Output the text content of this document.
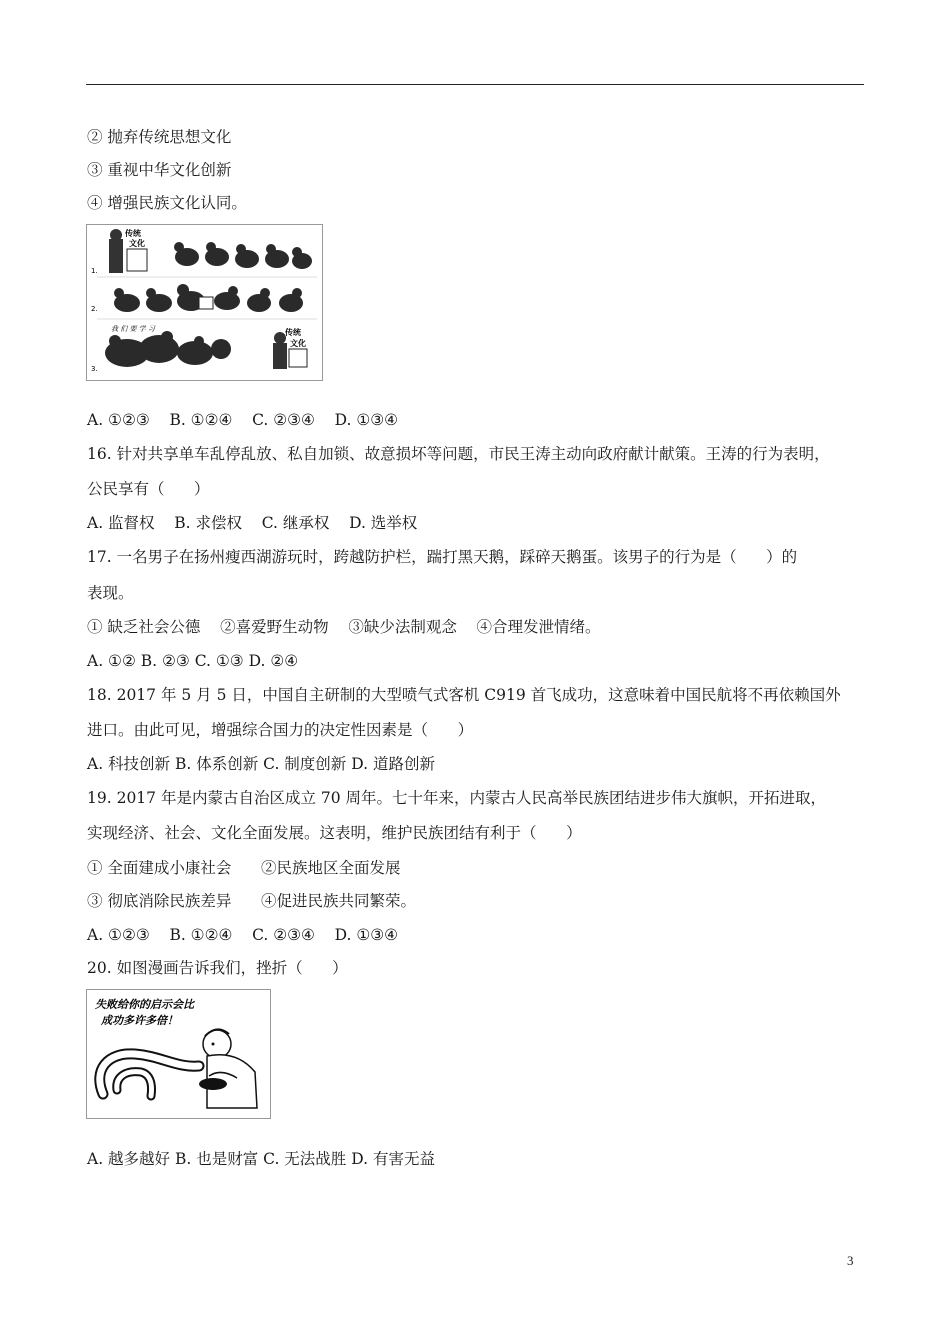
② 抛弃传统思想文化
③ 重视中华文化创新
④ 增强民族文化认同。
1.
传统
文化
2.
3.
我 们 要 学 习	传统
文化
A. ①②③    B. ①②④    C. ②③④    D. ①③④
16. 针对共享单车乱停乱放、私自加锁、故意损坏等问题，市民王涛主动向政府献计献策。王涛的行为表明，
公民享有（      ）
A. 监督权    B. 求偿权    C. 继承权    D. 选举权
17. 一名男子在扬州瘦西湖游玩时，跨越防护栏，踹打黑天鹅，踩碎天鹅蛋。该男子的行为是（      ）的
表现。
① 缺乏社会公德    ②喜爱野生动物    ③缺少法制观念    ④合理发泄情绪。
A. ①② B. ②③ C. ①③ D. ②④
18. 2017 年 5 月 5 日，中国自主研制的大型喷气式客机 C919 首飞成功，这意味着中国民航将不再依赖国外
进口。由此可见，增强综合国力的决定性因素是（      ）
A. 科技创新 B. 体系创新 C. 制度创新 D. 道路创新
19. 2017 年是内蒙古自治区成立 70 周年。七十年来，内蒙古人民高举民族团结进步伟大旗帜，开拓进取，
实现经济、社会、文化全面发展。这表明，维护民族团结有利于（      ）
① 全面建成小康社会      ②民族地区全面发展
③ 彻底消除民族差异      ④促进民族共同繁荣。
A. ①②③    B. ①②④    C. ②③④    D. ①③④
20. 如图漫画告诉我们，挫折（      ）
失败给你的启示会比
成功多许多倍！
A. 越多越好 B. 也是财富 C. 无法战胜 D. 有害无益
3
